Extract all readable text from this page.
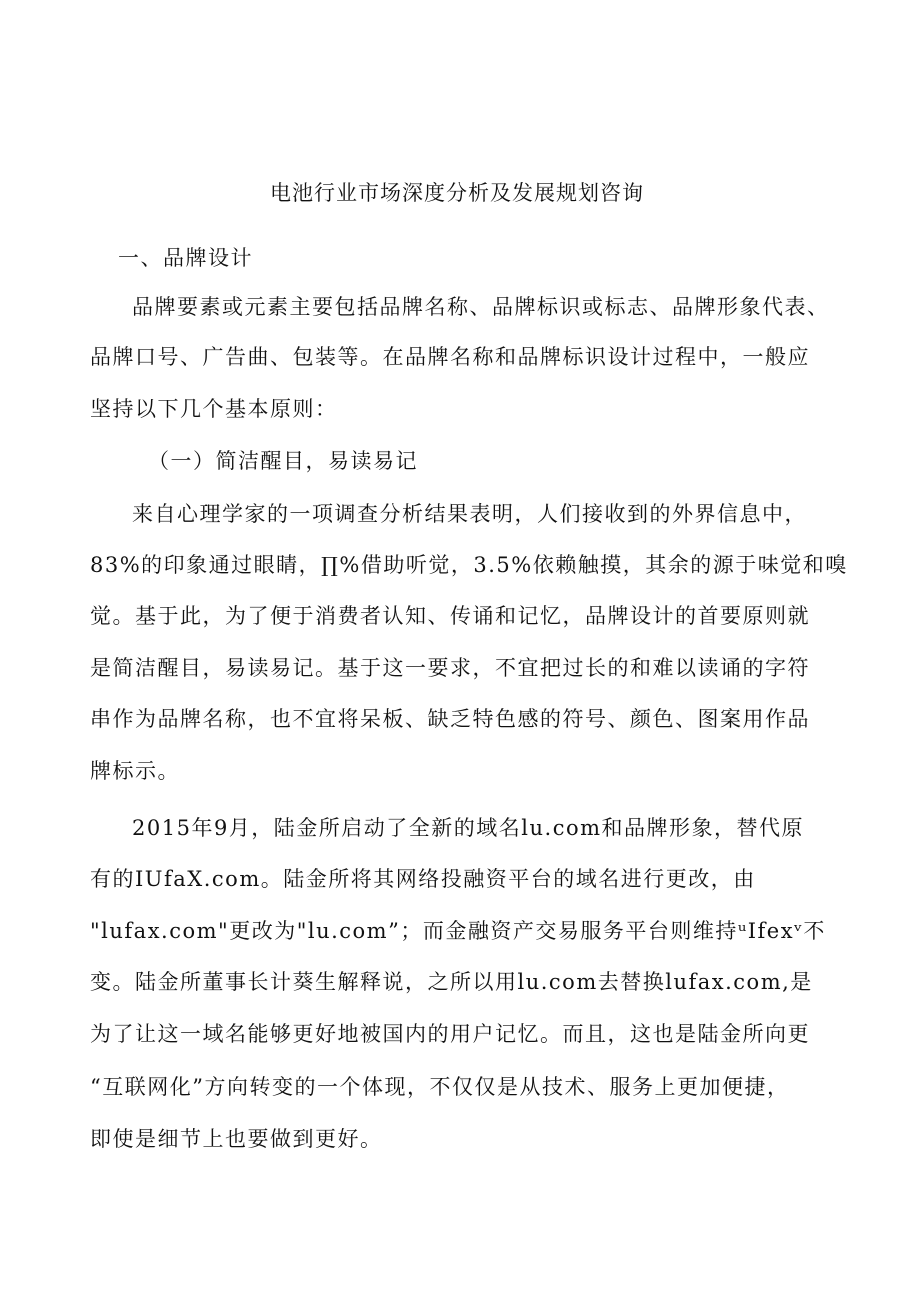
电池行业市场深度分析及发展规划咨询
一、品牌设计
品牌要素或元素主要包括品牌名称、品牌标识或标志、品牌形象代表、
品牌口号、广告曲、包装等。在品牌名称和品牌标识设计过程中，一般应
坚持以下几个基本原则：
（一）简洁醒目，易读易记
来自心理学家的一项调查分析结果表明，人们接收到的外界信息中，
83%的印象通过眼睛，∏%借助听觉，3.5%依赖触摸，其余的源于味觉和嗅
觉。基于此，为了便于消费者认知、传诵和记忆，品牌设计的首要原则就
是简洁醒目，易读易记。基于这一要求，不宜把过长的和难以读诵的字符
串作为品牌名称，也不宜将呆板、缺乏特色感的符号、颜色、图案用作品
牌标示。
2015年9月，陆金所启动了全新的域名lu.com和品牌形象，替代原
有的IUfaX.com。陆金所将其网络投融资平台的域名进行更改，由
"lufax.com"更改为"lu.com”；而金融资产交易服务平台则维持ᵘIfexᵛ不
变。陆金所董事长计葵生解释说，之所以用lu.com去替换lufax.com,是
为了让这一域名能够更好地被国内的用户记忆。而且，这也是陆金所向更
“互联网化”方向转变的一个体现，不仅仅是从技术、服务上更加便捷，
即使是细节上也要做到更好。
